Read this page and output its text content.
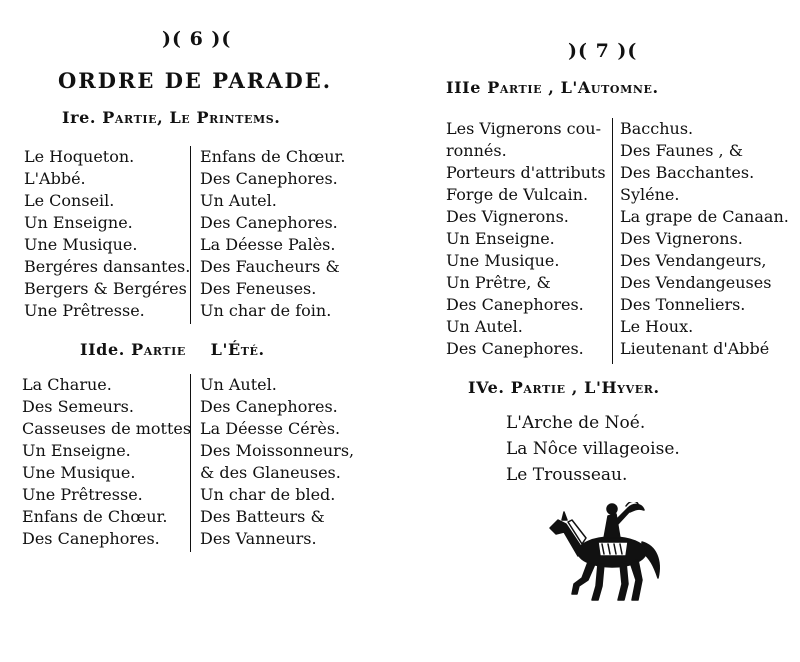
)( 6 )(
ORDRE DE PARADE.
Ire. Partie, Le Printems.
Le Hoqueton.
L'Abbé.
Le Conseil.
Un Enseigne.
Une Musique.
Bergéres dansantes.
Bergers & Bergéres
Une Prêtresse.
Enfans de Chœur.
Des Canephores.
Un Autel.
Des Canephores.
La Déesse Palès.
Des Faucheurs &
Des Feneuses.
Un char de foin.
IIde. Partie L'Été.
La Charue.
Des Semeurs.
Casseuses de mottes
Un Enseigne.
Une Musique.
Une Prêtresse.
Enfans de Chœur.
Des Canephores.
Un Autel.
Des Canephores.
La Déesse Cérès.
Des Moissonneurs,
& des Glaneuses.
Un char de bled.
Des Batteurs &
Des Vanneurs.
)( 7 )(
IIIe Partie , L'Automne.
Les Vignerons cou-
ronnés.
Porteurs d'attributs
Forge de Vulcain.
Des Vignerons.
Un Enseigne.
Une Musique.
Un Prêtre, &
Des Canephores.
Un Autel.
Des Canephores.
Bacchus.
Des Faunes , &
Des Bacchantes.
Syléne.
La grape de Canaan.
Des Vignerons.
Des Vendangeurs,
Des Vendangeuses
Des Tonneliers.
Le Houx.
Lieutenant d'Abbé
IVe. Partie , L'Hyver.
L'Arche de Noé.
La Nôce villageoise.
Le Trousseau.
